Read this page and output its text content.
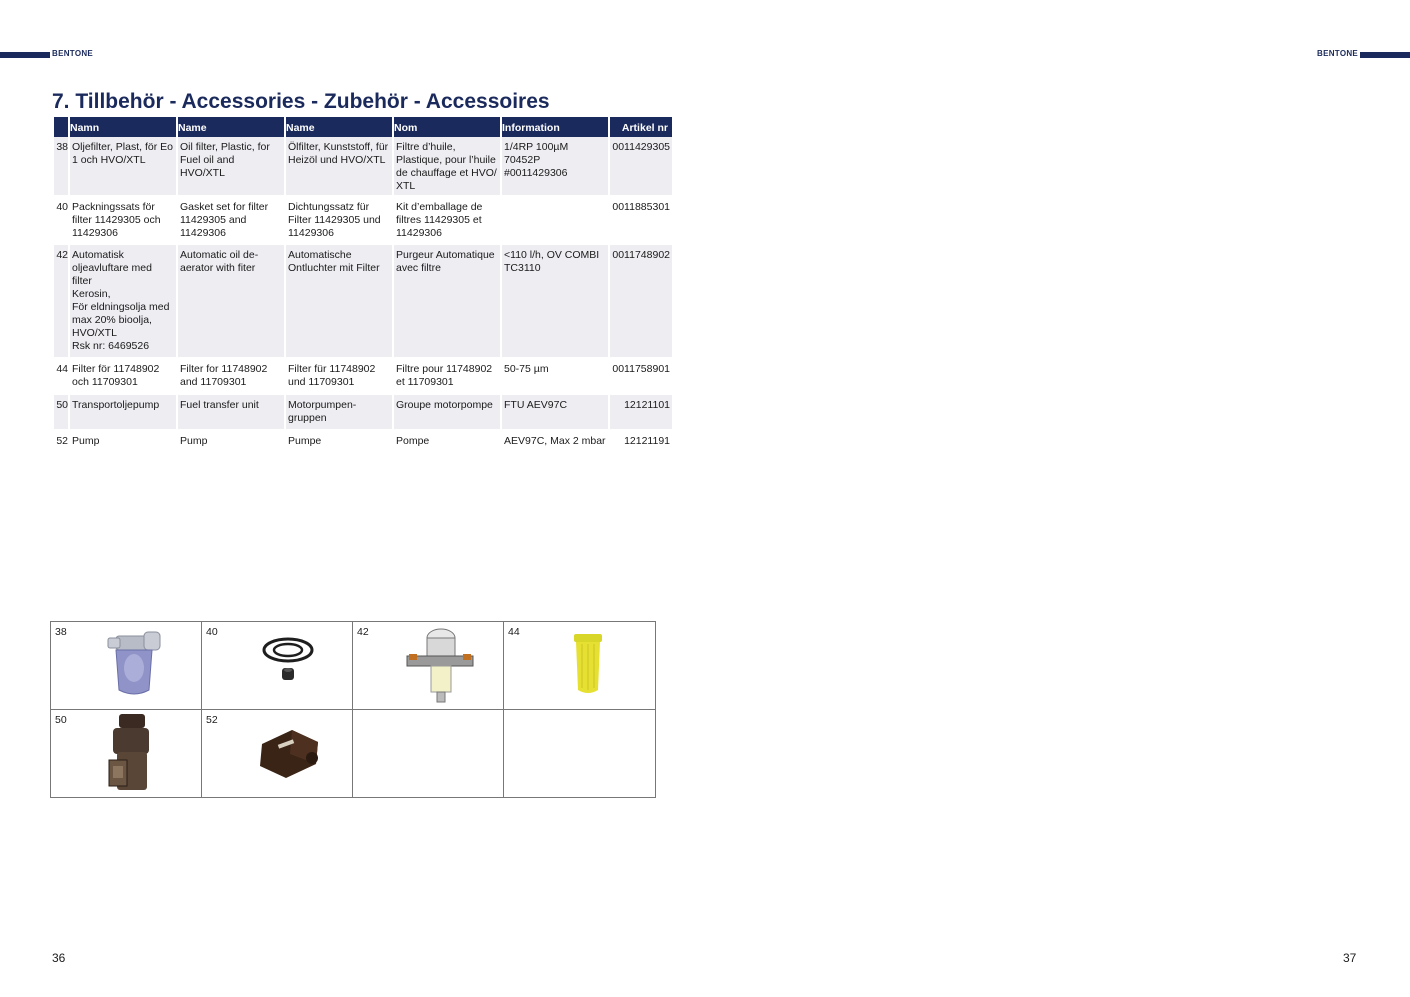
BENTONE	BENTONE
7. Tillbehör - Accessories - Zubehör - Accessoires
	Namn	Name	Name	Nom	Information	Artikel nr
38	Oljefilter, Plast, för Eo 1 och HVO/XTL	Oil filter, Plastic, for Fuel oil and HVO/XTL	Ölfilter, Kunststoff, für Heizöl und HVO/XTL	Filtre d’huile, Plastique, pour l’huile de chauffage et HVO/ XTL	1/4RP 100µM 70452P #0011429306	0011429305

40	Packningssats för filter 11429305 och 11429306	Gasket set for filter 11429305 and 11429306	Dichtungssatz für Filter 11429305 und 11429306	Kit d’emballage de filtres 11429305 et 11429306		0011885301

42	Automatisk oljeavluftare med filter
Kerosin,
För eldningsolja med max 20% bioolja, HVO/XTL
Rsk nr: 6469526	Automatic oil de-aerator with fiter	Automatische Ontluchter mit Filter	Purgeur Automatique avec filtre	<110 l/h, OV COMBI TC3110	0011748902

44	Filter för 11748902 och 11709301	Filter for 11748902 and 11709301	Filter für 11748902 und 11709301	Filtre pour 11748902 et 11709301	50-75 µm	0011758901

50	Transportoljepump	Fuel transfer unit	Motorpumpen-gruppen	Groupe motorpompe	FTU AEV97C	12121101

52	Pump	Pump	Pumpe	Pompe	AEV97C, Max 2 mbar	12121191

38	40	42	44
50	52
36	37
